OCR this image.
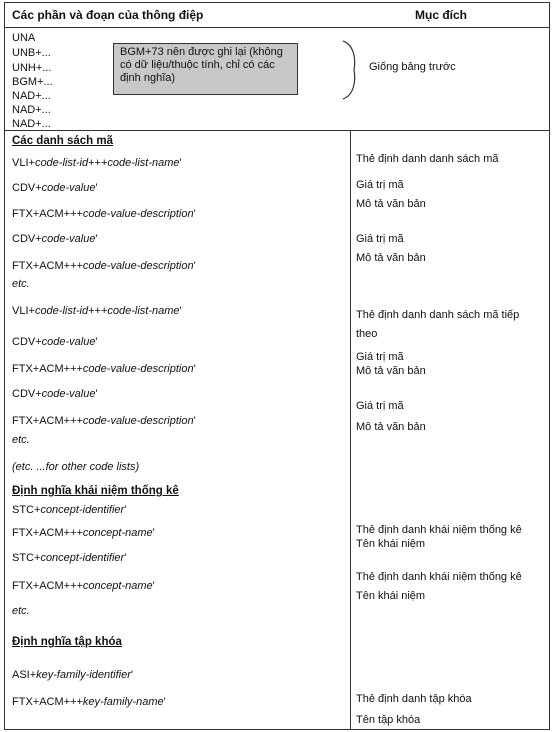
Các phần và đoạn của thông điệp	Mục đích
UNA
UNB+...
UNH+...
BGM+...
NAD+...
NAD+...
NAD+...
BGM+73 nên được ghi lại (không có dữ liệu/thuộc tính, chỉ có các định nghĩa)
Giống bảng trước
Các danh sách mã
VLI+code-list-id+++code-list-name'
CDV+code-value'
FTX+ACM+++code-value-description'
CDV+code-value'
FTX+ACM+++code-value-description'
etc.
VLI+code-list-id+++code-list-name'
CDV+code-value'
FTX+ACM+++code-value-description'
CDV+code-value'
FTX+ACM+++code-value-description'
etc.
(etc. ...for other code lists)
Thẻ định danh danh sách mã
Giá trị mã
Mô tả văn bản
Giá trị mã
Mô tả văn bản
Thẻ định danh danh sách mã tiếp
theo
Giá trị mã
Mô tả văn bản
Giá trị mã
Mô tả văn bản
Định nghĩa khái niệm thống kê
STC+concept-identifier'
FTX+ACM+++concept-name'
STC+concept-identifier'
FTX+ACM+++concept-name'
etc.
Thẻ định danh khái niệm thống kê
Tên khái niệm
Thẻ định danh khái niệm thống kê
Tên khái niệm
Định nghĩa tập khóa
ASI+key-family-identifier'
FTX+ACM+++key-family-name'	Thẻ định danh tập khóa
Tên tập khóa
